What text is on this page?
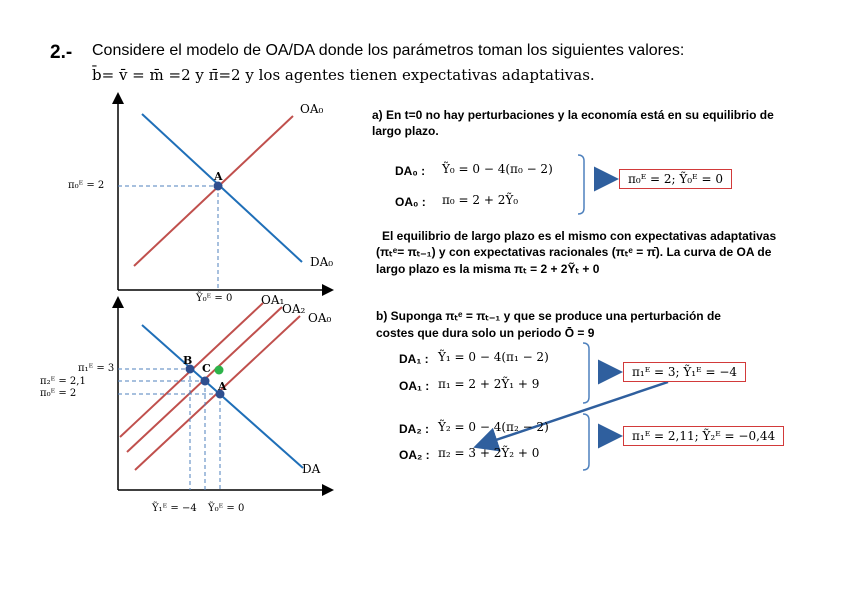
2.- Considere el modelo de OA/DA donde los parámetros toman los siguientes valores:
b̄= v̄ = m̄ =2 y π̄=2 y los agentes tienen expectativas adaptativas.
OA₀
DA₀
A
π₀ᴱ = 2
Ỹ₀ᴱ = 0 OA₁
OA₂
OA₀
DA
B
C
A
π₁ᴱ = 3
π₂ᴱ = 2,1
π₀ᴱ = 2
Ỹ₁ᴱ = −4 Ỹ₀ᴱ = 0
a) En t=0 no hay perturbaciones y la economía está en su equilibrio de
largo plazo.
DA₀ : Ỹ₀ = 0 − 4(π₀ − 2)
OA₀ : π₀ = 2 + 2Ỹ₀
π₀ᴱ = 2; Ỹ₀ᴱ = 0
El equilibrio de largo plazo es el mismo con expectativas adaptativas
(πₜᵉ= πₜ₋₁) y con expectativas racionales (πₜᵉ = π̄). La curva de OA de
largo plazo es la misma πₜ = 2 + 2Ỹₜ + 0
b) Suponga πₜᵉ = πₜ₋₁ y que se produce una perturbación de
costes que dura solo un periodo Ō = 9
DA₁ : Ỹ₁ = 0 − 4(π₁ − 2)
OA₁ : π₁ = 2 + 2Ỹ₁ + 9
π₁ᴱ = 3; Ỹ₁ᴱ = −4
DA₂ : Ỹ₂ = 0 − 4(π₂ − 2)
OA₂ : π₂ = 3 + 2Ỹ₂ + 0
π₁ᴱ = 2,11; Ỹ₂ᴱ = −0,44
